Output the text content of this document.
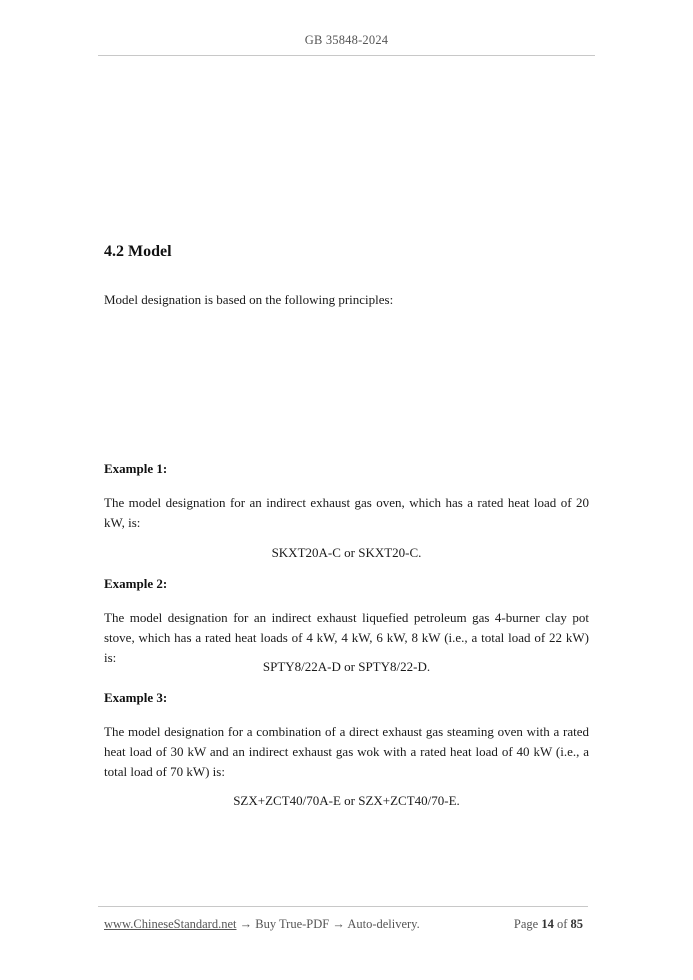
GB 35848-2024
4.2 Model
Model designation is based on the following principles:
Example 1:
The model designation for an indirect exhaust gas oven, which has a rated heat load of 20 kW, is:
SKXT20A-C or SKXT20-C.
Example 2:
The model designation for an indirect exhaust liquefied petroleum gas 4-burner clay pot stove, which has a rated heat loads of 4 kW, 4 kW, 6 kW, 8 kW (i.e., a total load of 22 kW) is:
SPTY8/22A-D or SPTY8/22-D.
Example 3:
The model designation for a combination of a direct exhaust gas steaming oven with a rated heat load of 30 kW and an indirect exhaust gas wok with a rated heat load of 40 kW (i.e., a total load of 70 kW) is:
SZX+ZCT40/70A-E or SZX+ZCT40/70-E.
www.ChineseStandard.net → Buy True-PDF → Auto-delivery.	Page 14 of 85
